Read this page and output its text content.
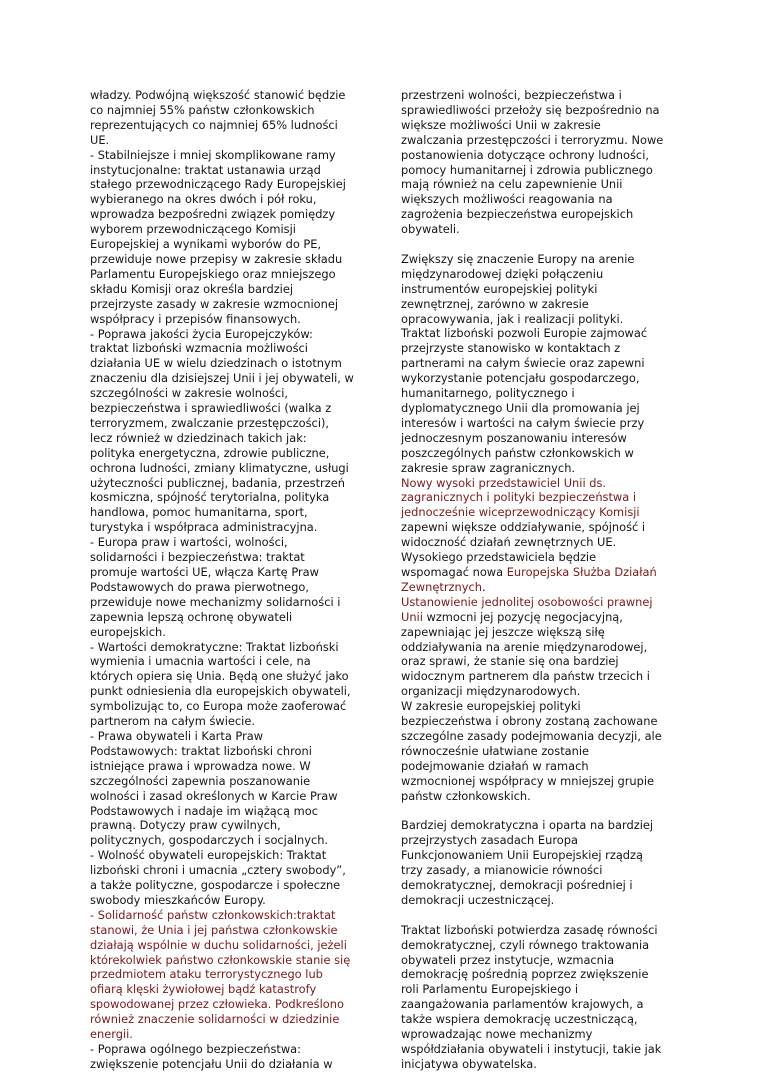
władzy. Podwójną większość stanowić będzie
co najmniej 55% państw członkowskich
reprezentujących co najmniej 65% ludności
UE.

- Stabilniejsze i mniej skomplikowane ramy
instytucjonalne: traktat ustanawia urząd
stałego przewodniczącego Rady Europejskiej
wybieranego na okres dwóch i pół roku,
wprowadza bezpośredni związek pomiędzy
wyborem przewodniczącego Komisji
Europejskiej a wynikami wyborów do PE,
przewiduje nowe przepisy w zakresie składu
Parlamentu Europejskiego oraz mniejszego
składu Komisji oraz określa bardziej
przejrzyste zasady w zakresie wzmocnionej
współpracy i przepisów finansowych.

- Poprawa jakości życia Europejczyków:
traktat lizboński wzmacnia możliwości
działania UE w wielu dziedzinach o istotnym
znaczeniu dla dzisiejszej Unii i jej obywateli, w
szczególności w zakresie wolności,
bezpieczeństwa i sprawiedliwości (walka z
terroryzmem, zwalczanie przestępczości),
lecz również w dziedzinach takich jak:
polityka energetyczna, zdrowie publiczne,
ochrona ludności, zmiany klimatyczne, usługi
użyteczności publicznej, badania, przestrzeń
kosmiczna, spójność terytorialna, polityka
handlowa, pomoc humanitarna, sport,
turystyka i współpraca administracyjna.

- Europa praw i wartości, wolności,
solidarności i bezpieczeństwa: traktat
promuje wartości UE, włącza Kartę Praw
Podstawowych do prawa pierwotnego,
przewiduje nowe mechanizmy solidarności i
zapewnia lepszą ochronę obywateli
europejskich.

- Wartości demokratyczne: Traktat lizboński
wymienia i umacnia wartości i cele, na
których opiera się Unia. Będą one służyć jako
punkt odniesienia dla europejskich obywateli,
symbolizując to, co Europa może zaoferować
partnerom na całym świecie.

- Prawa obywateli i Karta Praw
Podstawowych: traktat lizboński chroni
istniejące prawa i wprowadza nowe. W
szczególności zapewnia poszanowanie
wolności i zasad określonych w Karcie Praw
Podstawowych i nadaje im wiążącą moc
prawną. Dotyczy praw cywilnych,
politycznych, gospodarczych i socjalnych.

- Wolność obywateli europejskich: Traktat
lizboński chroni i umacnia „cztery swobody”,
a także polityczne, gospodarcze i społeczne
swobody mieszkańców Europy.

- Solidarność państw członkowskich:traktat
stanowi, że Unia i jej państwa członkowskie
działają wspólnie w duchu solidarności, jeżeli
którekolwiek państwo członkowskie stanie się
przedmiotem ataku terrorystycznego lub
ofiarą klęski żywiołowej bądź katastrofy
spowodowanej przez człowieka. Podkreślono
również znaczenie solidarności w dziedzinie
energii.

- Poprawa ogólnego bezpieczeństwa:
zwiększenie potencjału Unii do działania w

przestrzeni wolności, bezpieczeństwa i
sprawiedliwości przełoży się bezpośrednio na
większe możliwości Unii w zakresie
zwalczania przestępczości i terroryzmu. Nowe
postanowienia dotyczące ochrony ludności,
pomocy humanitarnej i zdrowia publicznego
mają również na celu zapewnienie Unii
większych możliwości reagowania na
zagrożenia bezpieczeństwa europejskich
obywateli.

Zwiększy się znaczenie Europy na arenie
międzynarodowej dzięki połączeniu
instrumentów europejskiej polityki
zewnętrznej, zarówno w zakresie
opracowywania, jak i realizacji polityki.
Traktat lizboński pozwoli Europie zajmować
przejrzyste stanowisko w kontaktach z
partnerami na całym świecie oraz zapewni
wykorzystanie potencjału gospodarczego,
humanitarnego, politycznego i
dyplomatycznego Unii dla promowania jej
interesów i wartości na całym świecie przy
jednoczesnym poszanowaniu interesów
poszczególnych państw członkowskich w
zakresie spraw zagranicznych.

Nowy wysoki przedstawiciel Unii ds.
zagranicznych i polityki bezpieczeństwa i
jednocześnie wiceprzewodniczący Komisji
zapewni większe oddziaływanie, spójność i
widoczność działań zewnętrznych UE.
Wysokiego przedstawiciela będzie
wspomagać nowa Europejska Służba Działań
Zewnętrznych.

Ustanowienie jednolitej osobowości prawnej
Unii wzmocni jej pozycję negocjacyjną,
zapewniając jej jeszcze większą siłę
oddziaływania na arenie międzynarodowej,
oraz sprawi, że stanie się ona bardziej
widocznym partnerem dla państw trzecich i
organizacji międzynarodowych.

W zakresie europejskiej polityki
bezpieczeństwa i obrony zostaną zachowane
szczególne zasady podejmowania decyzji, ale
równocześnie ułatwiane zostanie
podejmowanie działań w ramach
wzmocnionej współpracy w mniejszej grupie
państw członkowskich.

Bardziej demokratyczna i oparta na bardziej
przejrzystych zasadach Europa
Funkcjonowaniem Unii Europejskiej rządzą
trzy zasady, a mianowicie równości
demokratycznej, demokracji pośredniej i
demokracji uczestniczącej.

Traktat lizboński potwierdza zasadę równości
demokratycznej, czyli równego traktowania
obywateli przez instytucje, wzmacnia
demokrację pośrednią poprzez zwiększenie
roli Parlamentu Europejskiego i
zaangażowania parlamentów krajowych, a
także wspiera demokrację uczestniczącą,
wprowadzając nowe mechanizmy
współdziałania obywateli i instytucji, takie jak
inicjatywa obywatelska.
